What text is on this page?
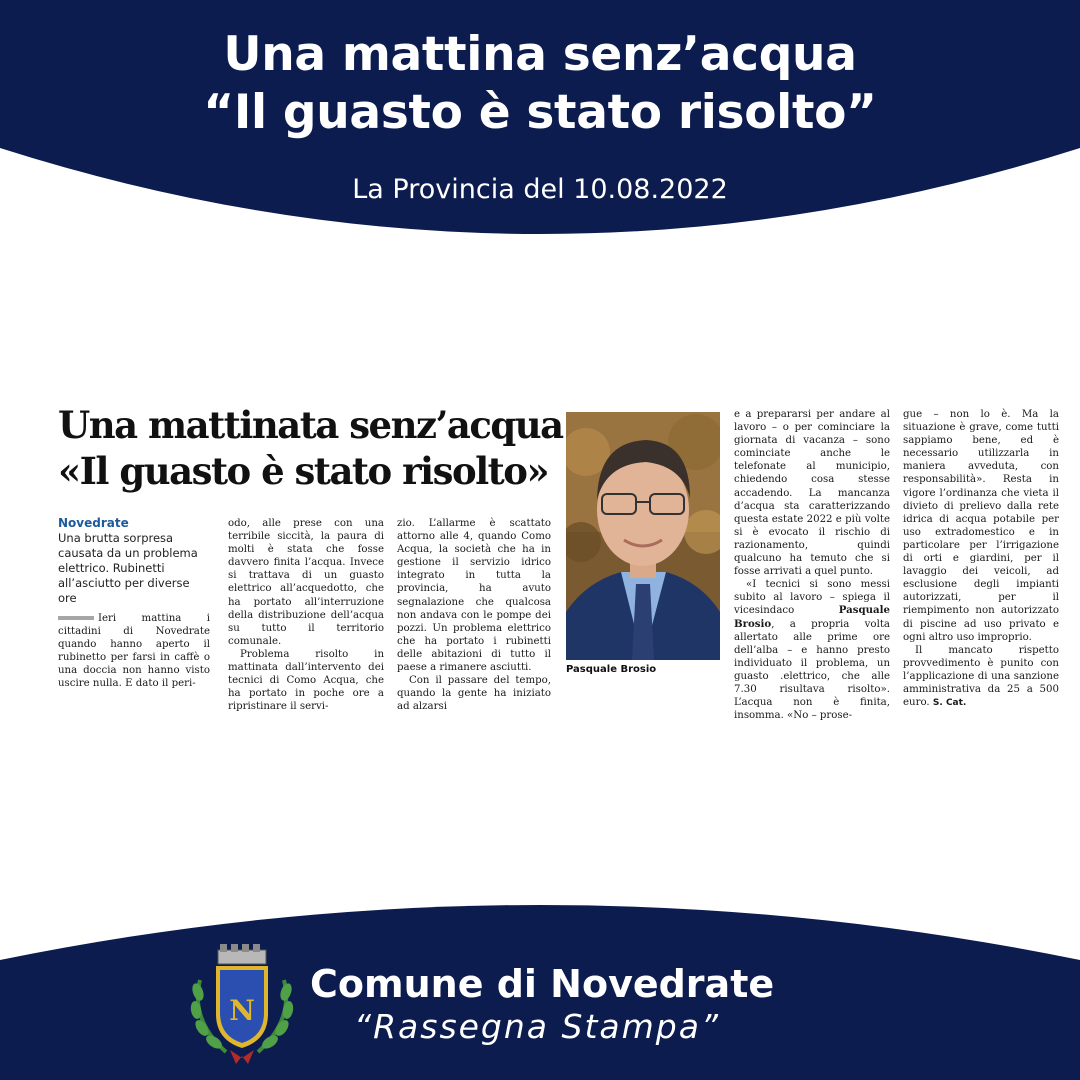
Una mattina senz’acqua
“Il guasto è stato risolto”
La Provincia del 10.08.2022
Una mattinata senz’acqua
«Il guasto è stato risolto»
Novedrate
Una brutta sorpresa causata da un problema elettrico. Rubinetti all’asciutto per diverse ore

Ieri mattina i cittadini di Novedrate quando hanno aperto il rubinetto per farsi in caffè o una doccia non hanno visto uscire nulla. E dato il peri-

odo, alle prese con una terribile siccità, la paura di molti è stata che fosse davvero finita l’acqua. Invece si trattava di un guasto elettrico all’acquedotto, che ha portato all’interruzione della distribuzione dell’acqua su tutto il territorio comunale.

Problema risolto in mattinata dall’intervento dei tecnici di Como Acqua, che ha portato in poche ore a ripristinare il servi-

zio. L’allarme è scattato attorno alle 4, quando Como Acqua, la società che ha in gestione il servizio idrico integrato in tutta la provincia, ha avuto segnalazione che qualcosa non andava con le pompe dei pozzi. Un problema elettrico che ha portato i rubinetti delle abitazioni di tutto il paese a rimanere asciutti.

Con il passare del tempo, quando la gente ha iniziato ad alzarsi

Pasquale Brosio

e a prepararsi per andare al lavoro – o per cominciare la giornata di vacanza – sono cominciate anche le telefonate al municipio, chiedendo cosa stesse accadendo. La mancanza d’acqua sta caratterizzando questa estate 2022 e più volte si è evocato il rischio di razionamento, quindi qualcuno ha temuto che si fosse arrivati a quel punto.

«I tecnici si sono messi subito al lavoro – spiega il vicesindaco Pasquale Brosio, a propria volta allertato alle prime ore dell’alba – e hanno presto individuato il problema, un guasto .elettrico, che alle 7.30 risultava risolto». L’acqua non è finita, insomma. «No – prose-

gue – non lo è. Ma la situazione è grave, come tutti sappiamo bene, ed è necessario utilizzarla in maniera avveduta, con responsabilità». Resta in vigore l’ordinanza che vieta il divieto di prelievo dalla rete idrica di acqua potabile per uso extradomestico e in particolare per l’irrigazione di orti e giardini, per il lavaggio dei veicoli, ad esclusione degli impianti autorizzati, per il riempimento non autorizzato di piscine ad uso privato e ogni altro uso improprio.

Il mancato rispetto provvedimento è punito con l’applicazione di una sanzione amministrativa da 25 a 500 euro. S. Cat.

N
Comune di Novedrate
“Rassegna Stampa”
